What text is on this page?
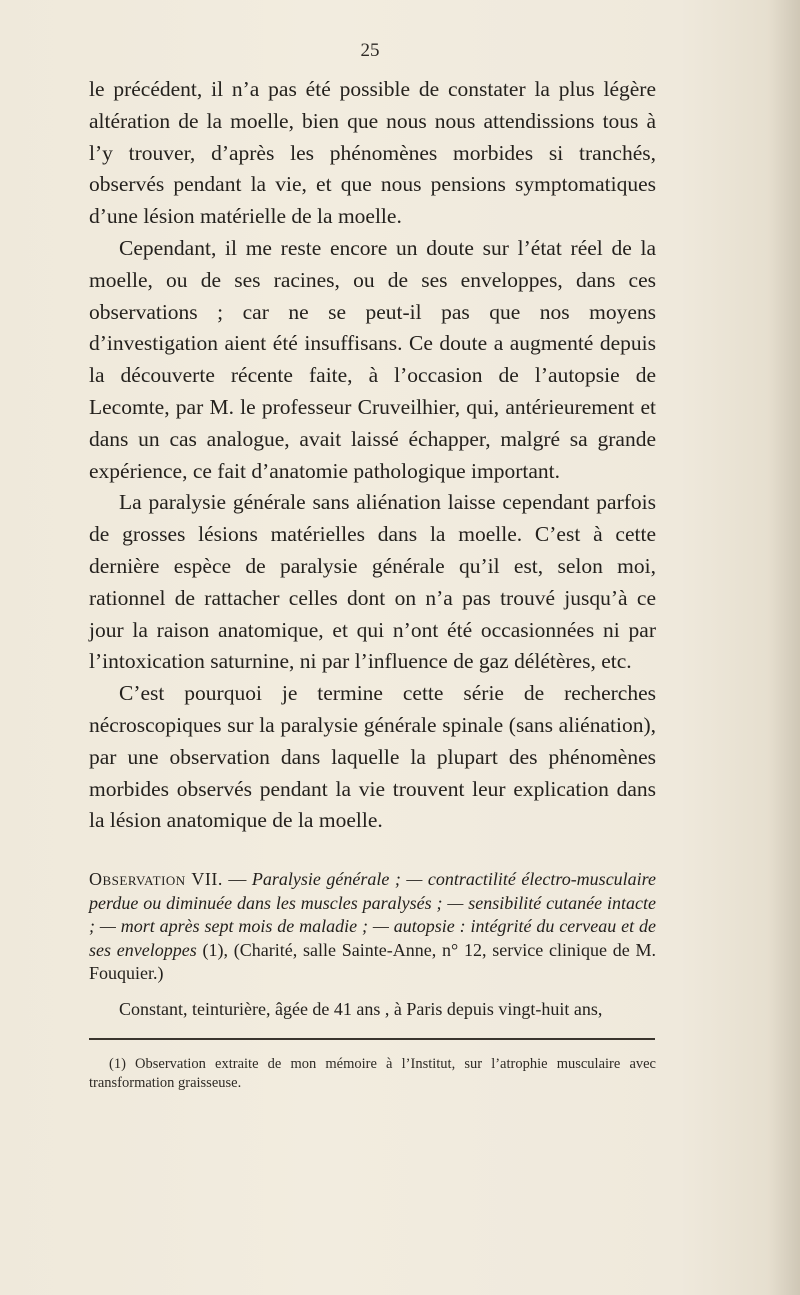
25

le précédent, il n’a pas été possible de constater la plus légère altération de la moelle, bien que nous nous attendissions tous à l’y trouver, d’après les phénomènes morbides si tranchés, observés pendant la vie, et que nous pensions symptomatiques d’une lésion matérielle de la moelle.

Cependant, il me reste encore un doute sur l’état réel de la moelle, ou de ses racines, ou de ses enveloppes, dans ces observations ; car ne se peut-il pas que nos moyens d’investigation aient été insuffisans. Ce doute a augmenté depuis la découverte récente faite, à l’occasion de l’autopsie de Lecomte, par M. le professeur Cruveilhier, qui, antérieurement et dans un cas analogue, avait laissé échapper, malgré sa grande expérience, ce fait d’anatomie pathologique important.

La paralysie générale sans aliénation laisse cependant parfois de grosses lésions matérielles dans la moelle. C’est à cette dernière espèce de paralysie générale qu’il est, selon moi, rationnel de rattacher celles dont on n’a pas trouvé jusqu’à ce jour la raison anatomique, et qui n’ont été occasionnées ni par l’intoxication saturnine, ni par l’influence de gaz délétères, etc.

C’est pourquoi je termine cette série de recherches nécroscopiques sur la paralysie générale spinale (sans aliénation), par une observation dans laquelle la plupart des phénomènes morbides observés pendant la vie trouvent leur explication dans la lésion anatomique de la moelle.

Observation VII. — Paralysie générale ; — contractilité électro-musculaire perdue ou diminuée dans les muscles paralysés ; — sensibilité cutanée intacte ; — mort après sept mois de maladie ; — autopsie : intégrité du cerveau et de ses enveloppes (1), (Charité, salle Sainte-Anne, n° 12, service clinique de M. Fouquier.)

Constant, teinturière, âgée de 41 ans , à Paris depuis vingt-huit ans,

(1) Observation extraite de mon mémoire à l’Institut, sur l’atrophie musculaire avec transformation graisseuse.
